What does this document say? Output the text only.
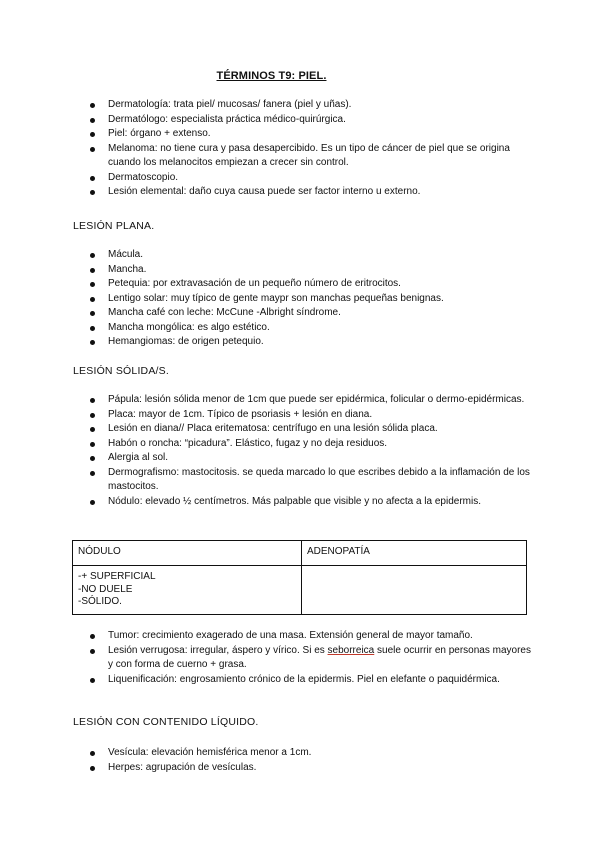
TÉRMINOS T9: PIEL.
Dermatología: trata piel/ mucosas/ fanera (piel y uñas).
Dermatólogo: especialista práctica médico-quirúrgica.
Piel: órgano + extenso.
Melanoma: no tiene cura y pasa desapercibido. Es un tipo de cáncer de piel que se origina cuando los melanocitos empiezan a crecer sin control.
Dermatoscopio.
Lesión elemental: daño cuya causa puede ser factor interno u externo.
LESIÓN PLANA.
Mácula.
Mancha.
Petequia: por extravasación de un pequeño número de eritrocitos.
Lentigo solar: muy típico de gente maypr son manchas pequeñas benignas.
Mancha café con leche: McCune -Albright síndrome.
Mancha mongólica: es algo estético.
Hemangiomas: de origen petequio.
LESIÓN SÓLIDA/S.
Pápula: lesión sólida menor de 1cm que puede ser epidérmica, folicular o dermo-epidérmicas.
Placa: mayor de 1cm. Típico de psoriasis + lesión en diana.
Lesión en diana// Placa eritematosa: centrífugo en una lesión sólida placa.
Habón o roncha: “picadura”. Elástico, fugaz y no deja residuos.
Alergia al sol.
Dermografismo: mastocitosis. se queda marcado lo que escribes debido a la inflamación de los mastocitos.
Nódulo: elevado ½ centímetros. Más palpable que visible y no afecta a la epidermis.
NÓDULO	ADENOPATÍA

-+ SUPERFICIAL
-NO DUELE
-SÓLIDO.	

Tumor: crecimiento exagerado de una masa. Extensión general de mayor tamaño.
Lesión verrugosa: irregular, áspero y vírico. Si es seborreica suele ocurrir en personas mayores y con forma de cuerno + grasa.
Liquenificación: engrosamiento crónico de la epidermis. Piel en elefante o paquidérmica.
LESIÓN CON CONTENIDO LÍQUIDO.
Vesícula: elevación hemisférica menor a 1cm.
Herpes: agrupación de vesículas.
